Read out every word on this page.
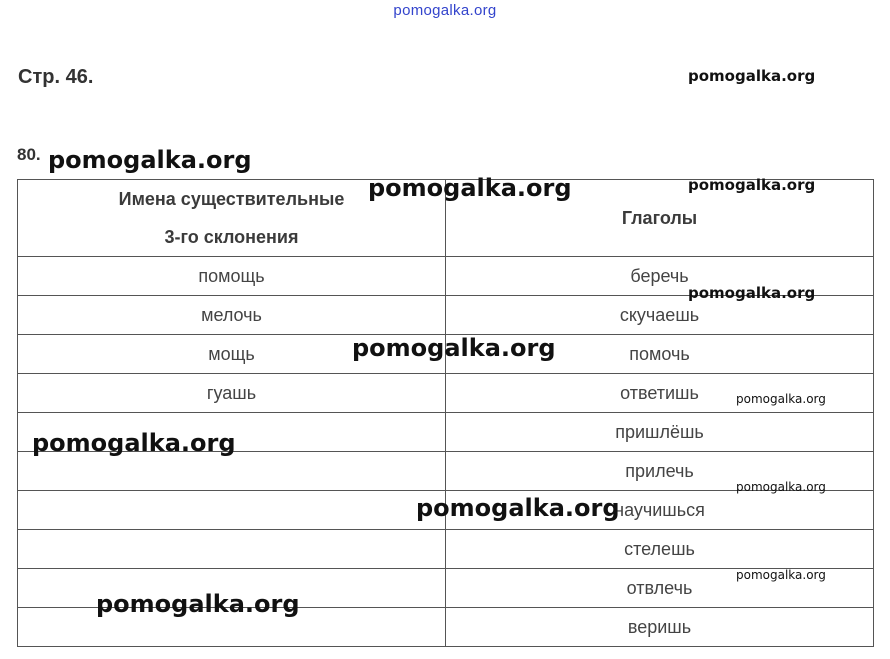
pomogalka.org
Стр. 46.
80.
Имена существительные
3-го склонения	Глаголы
помощь	беречь
мелочь	скучаешь
мощь	помочь
гуашь	ответишь
	пришлёшь
	прилечь
	научишься
	стелешь
	отвлечь
	веришь
pomogalka.org
pomogalka.org
pomogalka.org	pomogalka.org
pomogalka.org
pomogalka.org
pomogalka.org
pomogalka.org
pomogalka.org
pomogalka.org
pomogalka.org
pomogalka.org
